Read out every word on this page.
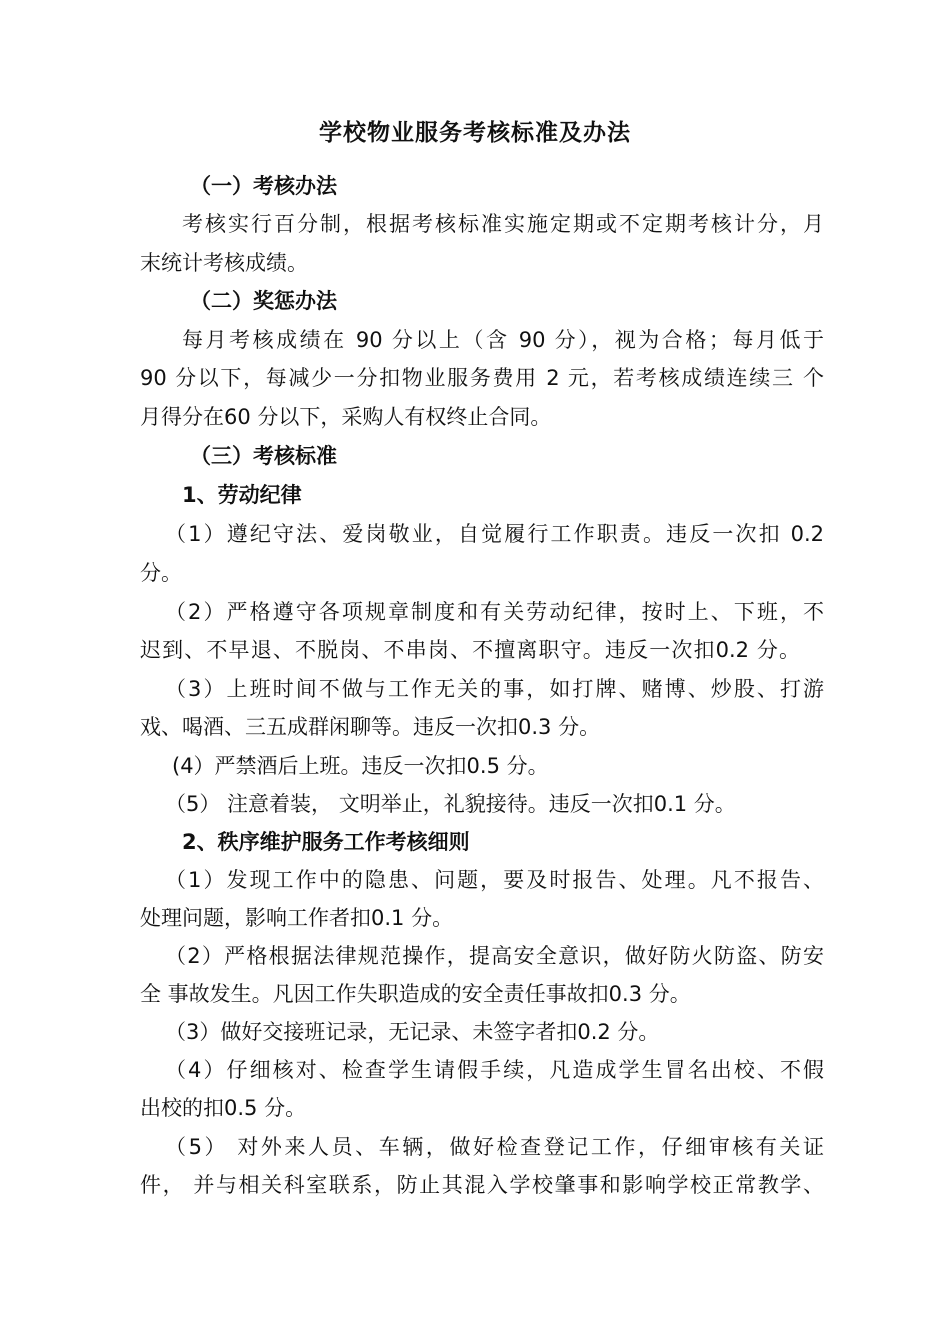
学校物业服务考核标准及办法
（一）考核办法
考核实行百分制，根据考核标准实施定期或不定期考核计分，月
末统计考核成绩。
（二）奖惩办法
每月考核成绩在 90 分以上（含 90 分），视为合格；每月低于
90 分以下，每减少一分扣物业服务费用 2 元，若考核成绩连续三 个
月得分在60 分以下，采购人有权终止合同。
（三）考核标准
1、劳动纪律
（1）遵纪守法、爱岗敬业，自觉履行工作职责。违反一次扣 0.2
分。
（2）严格遵守各项规章制度和有关劳动纪律，按时上、下班，不
迟到、不早退、不脱岗、不串岗、不擅离职守。违反一次扣0.2 分。
（3）上班时间不做与工作无关的事，如打牌、赌博、炒股、打游
戏、喝酒、三五成群闲聊等。违反一次扣0.3 分。
(4）严禁酒后上班。违反一次扣0.5 分。
（5） 注意着装， 文明举止，礼貌接待。违反一次扣0.1 分。
2、秩序维护服务工作考核细则
（1）发现工作中的隐患、问题，要及时报告、处理。凡不报告、
处理问题，影响工作者扣0.1 分。
（2）严格根据法律规范操作，提高安全意识，做好防火防盗、防安
全 事故发生。凡因工作失职造成的安全责任事故扣0.3 分。
（3）做好交接班记录，无记录、未签字者扣0.2 分。
（4）仔细核对、检查学生请假手续，凡造成学生冒名出校、不假
出校的扣0.5 分。
（5） 对外来人员、车辆，做好检查登记工作，仔细审核有关证
件， 并与相关科室联系，防止其混入学校肇事和影响学校正常教学、
